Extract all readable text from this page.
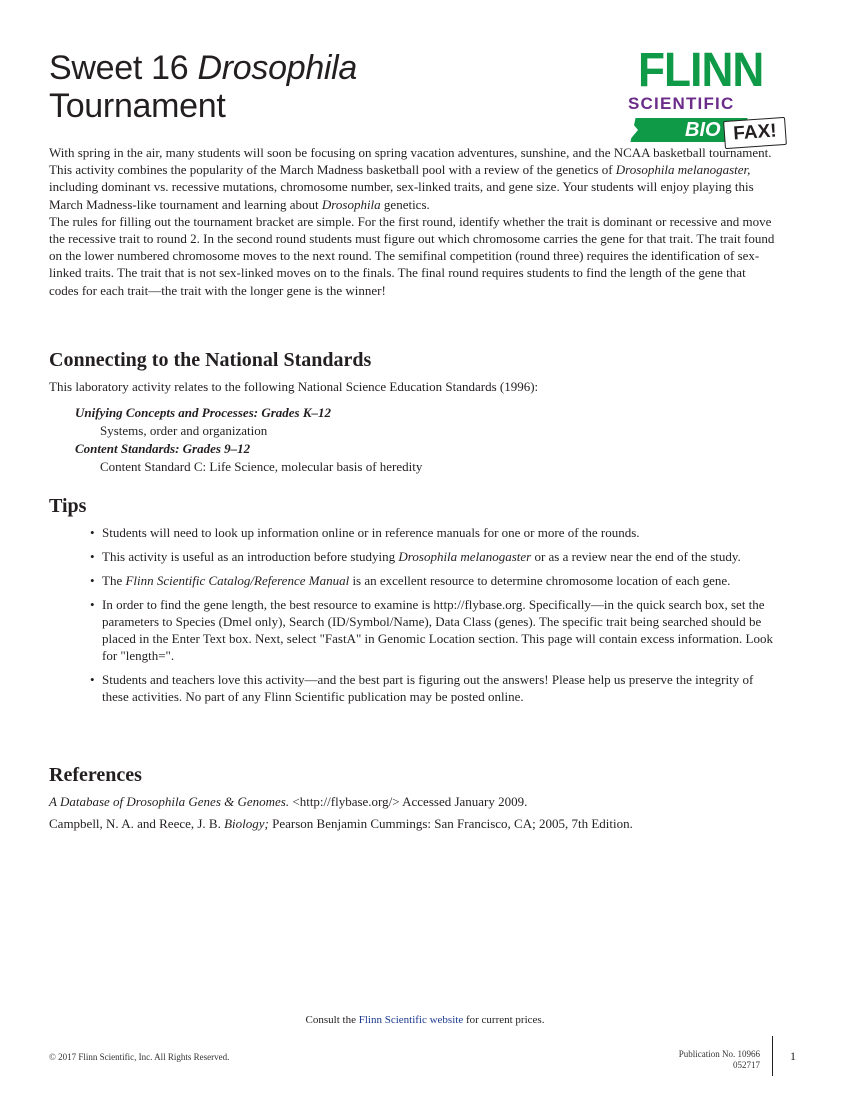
Sweet 16 Drosophila
Tournament
FLINN
SCIENTIFIC
BIO FAX!

With spring in the air, many students will soon be focusing on spring vacation adventures, sunshine, and the NCAA basketball tournament. This activity combines the popularity of the March Madness basketball pool with a review of the genetics of Drosophila melanogaster, including dominant vs. recessive mutations, chromosome number, sex-linked traits, and gene size. Your students will enjoy playing this March Madness-like tournament and learning about Drosophila genetics.

The rules for filling out the tournament bracket are simple. For the first round, identify whether the trait is dominant or recessive and move the recessive trait to round 2. In the second round students must figure out which chromosome carries the gene for that trait. The trait found on the lower numbered chromosome moves to the next round. The semifinal competition (round three) requires the identification of sex-linked traits. The trait that is not sex-linked moves on to the finals. The final round requires students to find the length of the gene that codes for each trait—the trait with the longer gene is the winner!

Connecting to the National Standards

This laboratory activity relates to the following National Science Education Standards (1996):

Unifying Concepts and Processes: Grades K–12
Systems, order and organization
Content Standards: Grades 9–12
Content Standard C: Life Science, molecular basis of heredity
Tips
• Students will need to look up information online or in reference manuals for one or more of the rounds.
• This activity is useful as an introduction before studying Drosophila melanogaster or as a review near the end of the study.
• The Flinn Scientific Catalog/Reference Manual is an excellent resource to determine chromosome location of each gene.
• In order to find the gene length, the best resource to examine is http://flybase.org. Specifically—in the quick search box, set the parameters to Species (Dmel only), Search (ID/Symbol/Name), Data Class (genes). The specific trait being searched should be placed in the Enter Text box. Next, select "FastA" in Genomic Location section. This page will contain excess information. Look for "length=".
• Students and teachers love this activity—and the best part is figuring out the answers! Please help us preserve the integrity of these activities. No part of any Flinn Scientific publication may be posted online.
References
A Database of Drosophila Genes & Genomes. <http://flybase.org/> Accessed January 2009.
Campbell, N. A. and Reece, J. B. Biology; Pearson Benjamin Cummings: San Francisco, CA; 2005, 7th Edition.
Consult the Flinn Scientific website for current prices.
© 2017 Flinn Scientific, Inc. All Rights Reserved.	Publication No. 10966
052717
1
